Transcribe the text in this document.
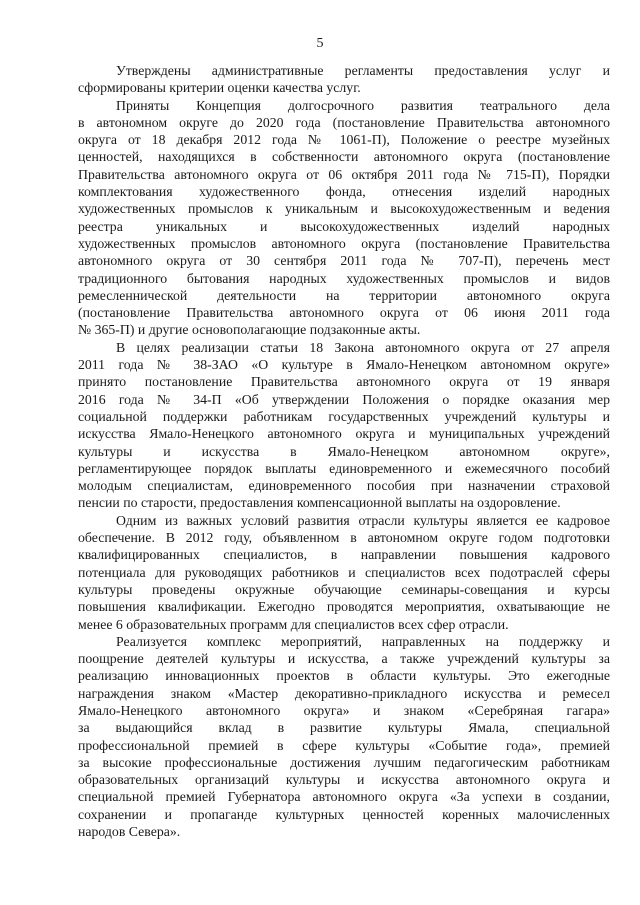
5
Утверждены административные регламенты предоставления услуг и
сформированы критерии оценки качества услуг.
Приняты Концепция долгосрочного развития театрального дела
в автономном округе до 2020 года (постановление Правительства автономного
округа от 18 декабря 2012 года № 1061-П), Положение о реестре музейных
ценностей, находящихся в собственности автономного округа (постановление
Правительства автономного округа от 06 октября 2011 года № 715-П), Порядки
комплектования художественного фонда, отнесения изделий народных
художественных промыслов к уникальным и высокохудожественным и ведения
реестра уникальных и высокохудожественных изделий народных
художественных промыслов автономного округа (постановление Правительства
автономного округа от 30 сентября 2011 года № 707-П), перечень мест
традиционного бытования народных художественных промыслов и видов
ремесленнической деятельности на территории автономного округа
(постановление Правительства автономного округа от 06 июня 2011 года
№ 365-П) и другие основополагающие подзаконные акты.
В целях реализации статьи 18 Закона автономного округа от 27 апреля
2011 года № 38-ЗАО «О культуре в Ямало-Ненецком автономном округе»
принято постановление Правительства автономного округа от 19 января
2016 года № 34-П «Об утверждении Положения о порядке оказания мер
социальной поддержки работникам государственных учреждений культуры и
искусства Ямало-Ненецкого автономного округа и муниципальных учреждений
культуры и искусства в Ямало-Ненецком автономном округе»,
регламентирующее порядок выплаты единовременного и ежемесячного пособий
молодым специалистам, единовременного пособия при назначении страховой
пенсии по старости, предоставления компенсационной выплаты на оздоровление.
Одним из важных условий развития отрасли культуры является ее кадровое
обеспечение. В 2012 году, объявленном в автономном округе годом подготовки
квалифицированных специалистов, в направлении повышения кадрового
потенциала для руководящих работников и специалистов всех подотраслей сферы
культуры проведены окружные обучающие семинары-совещания и курсы
повышения квалификации. Ежегодно проводятся мероприятия, охватывающие не
менее 6 образовательных программ для специалистов всех сфер отрасли.
Реализуется комплекс мероприятий, направленных на поддержку и
поощрение деятелей культуры и искусства, а также учреждений культуры за
реализацию инновационных проектов в области культуры. Это ежегодные
награждения знаком «Мастер декоративно-прикладного искусства и ремесел
Ямало-Ненецкого автономного округа» и знаком «Серебряная гагара»
за выдающийся вклад в развитие культуры Ямала, специальной
профессиональной премией в сфере культуры «Событие года», премией
за высокие профессиональные достижения лучшим педагогическим работникам
образовательных организаций культуры и искусства автономного округа и
специальной премией Губернатора автономного округа «За успехи в создании,
сохранении и пропаганде культурных ценностей коренных малочисленных
народов Севера».
